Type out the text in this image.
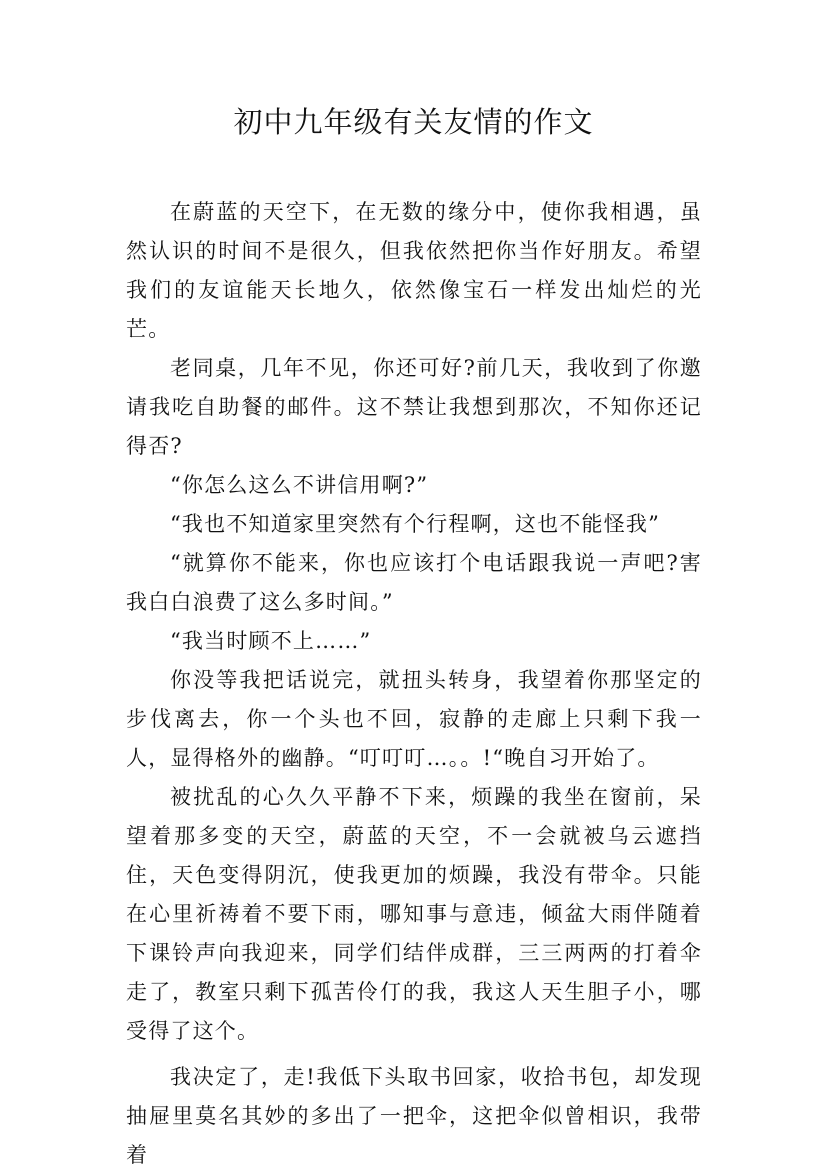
初中九年级有关友情的作文

在蔚蓝的天空下，在无数的缘分中，使你我相遇，虽然认识的时间不是很久，但我依然把你当作好朋友。希望我们的友谊能天长地久，依然像宝石一样发出灿烂的光芒。

老同桌，几年不见，你还可好?前几天，我收到了你邀请我吃自助餐的邮件。这不禁让我想到那次，不知你还记得否?

“你怎么这么不讲信用啊?”

“我也不知道家里突然有个行程啊，这也不能怪我”

“就算你不能来，你也应该打个电话跟我说一声吧?害我白白浪费了这么多时间。”

“我当时顾不上……”

你没等我把话说完，就扭头转身，我望着你那坚定的步伐离去，你一个头也不回，寂静的走廊上只剩下我一人，显得格外的幽静。“叮叮叮…。。!“晚自习开始了。

被扰乱的心久久平静不下来，烦躁的我坐在窗前，呆望着那多变的天空，蔚蓝的天空，不一会就被乌云遮挡住，天色变得阴沉，使我更加的烦躁，我没有带伞。只能在心里祈祷着不要下雨，哪知事与意违，倾盆大雨伴随着下课铃声向我迎来，同学们结伴成群，三三两两的打着伞走了，教室只剩下孤苦伶仃的我，我这人天生胆子小，哪受得了这个。

我决定了，走!我低下头取书回家，收拾书包，却发现抽屉里莫名其妙的多出了一把伞，这把伞似曾相识，我带着
